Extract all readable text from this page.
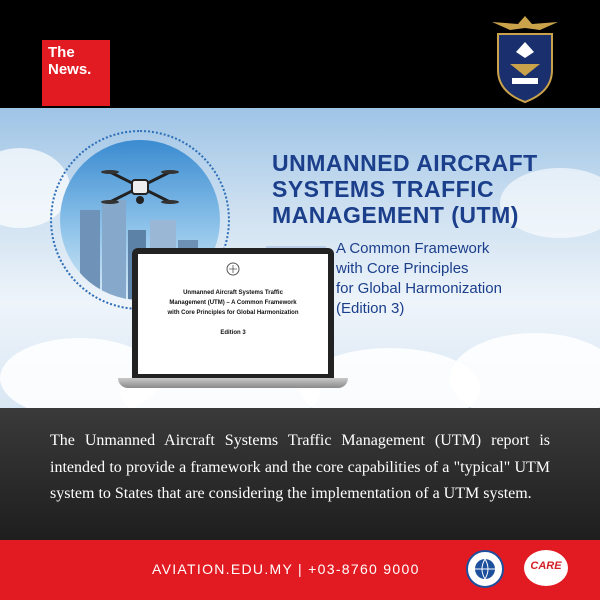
The
News.
UNMANNED AIRCRAFT
SYSTEMS TRAFFIC
MANAGEMENT (UTM)
A Common Framework
with Core Principles
for Global Harmonization
(Edition 3)
Unmanned Aircraft Systems Traffic
Management (UTM) – A Common Framework
with Core Principles for Global Harmonization
Edition 3

The Unmanned Aircraft Systems Traffic Management (UTM) report is intended to provide a framework and the core capabilities of a "typical" UTM system to States that are considering the implementation of a UTM system.

AVIATION.EDU.MY | +03-8760 9000	CARE
